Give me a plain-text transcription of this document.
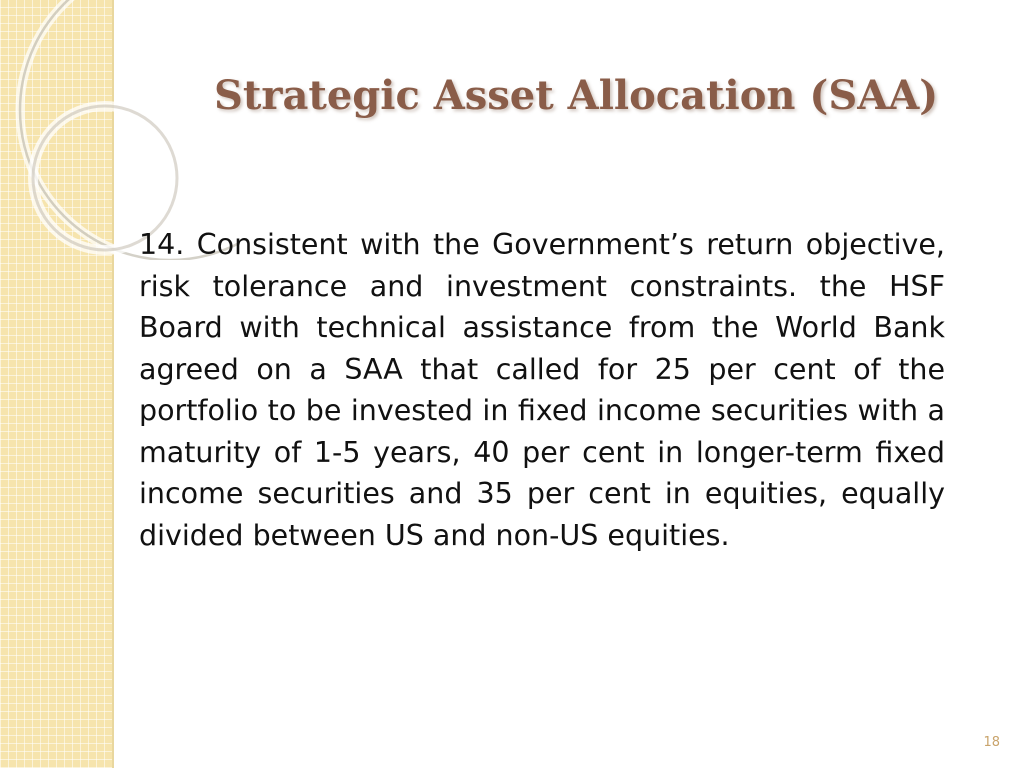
Strategic Asset Allocation (SAA)

14. Consistent with the Government’s return objective, risk tolerance and investment constraints. the HSF Board with technical assistance from the World Bank agreed on a SAA that called for 25 per cent of the portfolio to be invested in fixed income securities with a maturity of 1-5 years, 40 per cent in longer-term fixed income securities and 35 per cent in equities, equally divided between US and non-US equities.

18
